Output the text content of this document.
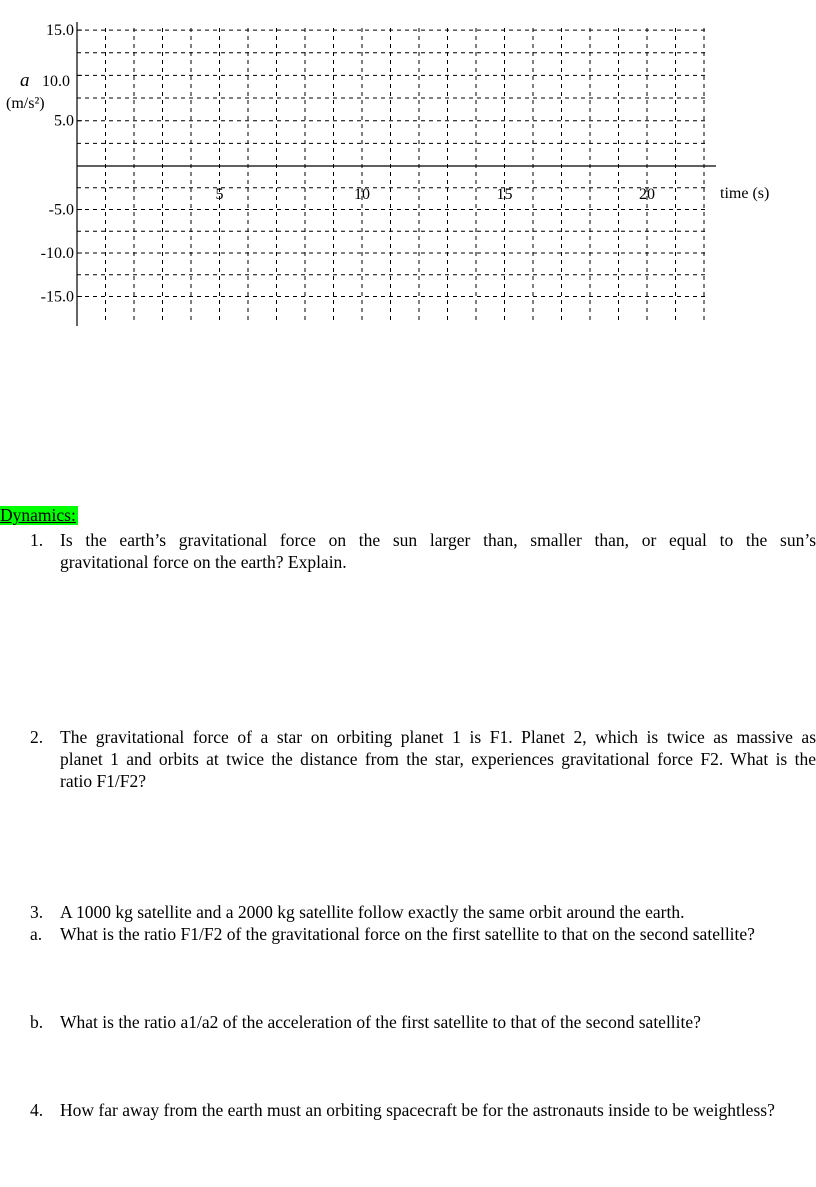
15.0
5.0
-5.0
-10.0
-15.0
5	10	15	20
a 10.0
(m/s²)
time (s)
Dynamics:
1. Is the earth’s gravitational force on the sun larger than, smaller than, or equal to the sun’s
gravitational force on the earth? Explain.
2. The gravitational force of a star on orbiting planet 1 is F1. Planet 2, which is twice as massive as
planet 1 and orbits at twice the distance from the star, experiences gravitational force F2. What is the
ratio F1/F2?
3. A 1000 kg satellite and a 2000 kg satellite follow exactly the same orbit around the earth.
a.	What is the ratio F1/F2 of the gravitational force on the first satellite to that on the second satellite?
b. What is the ratio a1/a2 of the acceleration of the first satellite to that of the second satellite?
4. How far away from the earth must an orbiting spacecraft be for the astronauts inside to be weightless?
